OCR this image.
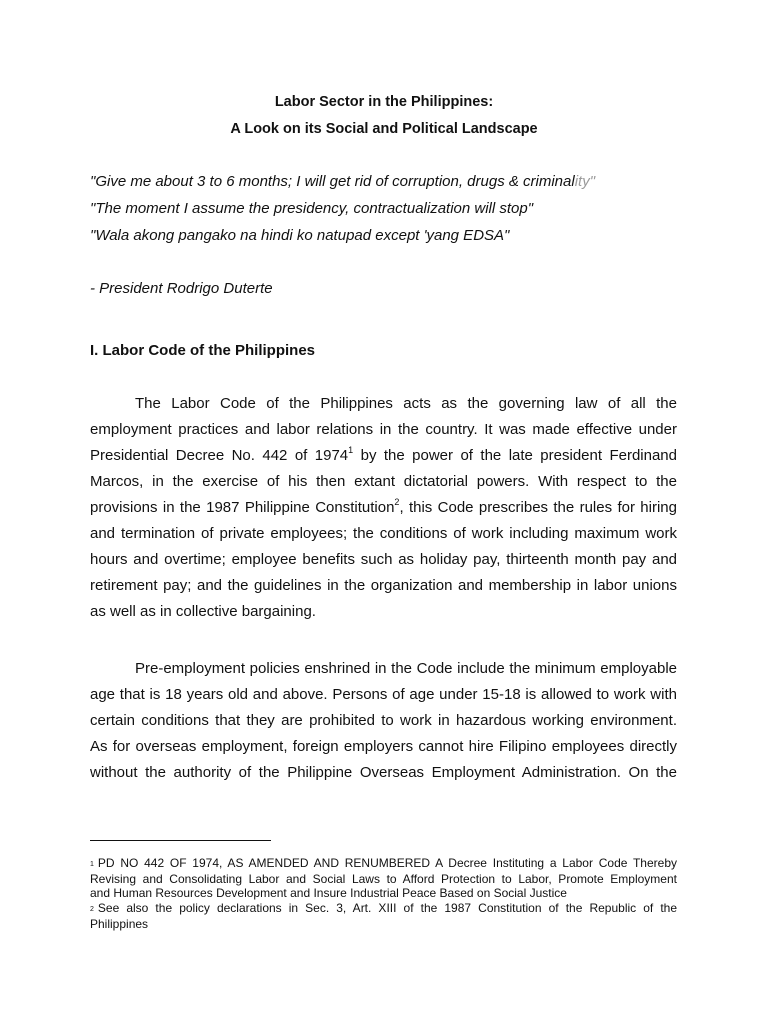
Labor Sector in the Philippines:
A Look on its Social and Political Landscape
"Give me about 3 to 6 months; I will get rid of corruption, drugs & criminality"
"The moment I assume the presidency, contractualization will stop"
"Wala akong pangako na hindi ko natupad except 'yang EDSA"
- President Rodrigo Duterte
I. Labor Code of the Philippines
The Labor Code of the Philippines acts as the governing law of all the
employment practices and labor relations in the country. It was made effective under
Presidential Decree No. 442 of 1974$^1$ by the power of the late president Ferdinand
Marcos, in the exercise of his then extant dictatorial powers. With respect to the
provisions in the 1987 Philippine Constitution$^2$, this Code prescribes the rules for hiring
and termination of private employees; the conditions of work including maximum work
hours and overtime; employee benefits such as holiday pay, thirteenth month pay and
retirement pay; and the guidelines in the organization and membership in labor unions
as well as in collective bargaining.
Pre-employment policies enshrined in the Code include the minimum employable
age that is 18 years old and above. Persons of age under 15-18 is allowed to work with
certain conditions that they are prohibited to work in hazardous working environment.
As for overseas employment, foreign employers cannot hire Filipino employees directly
without the authority of the Philippine Overseas Employment Administration. On the
1 PD NO 442 OF 1974, AS AMENDED AND RENUMBERED A Decree Instituting a Labor Code Thereby
Revising and Consolidating Labor and Social Laws to Afford Protection to Labor, Promote Employment
and Human Resources Development and Insure Industrial Peace Based on Social Justice
2 See also the policy declarations in Sec. 3, Art. XIII of the 1987 Constitution of the Republic of the
Philippines
